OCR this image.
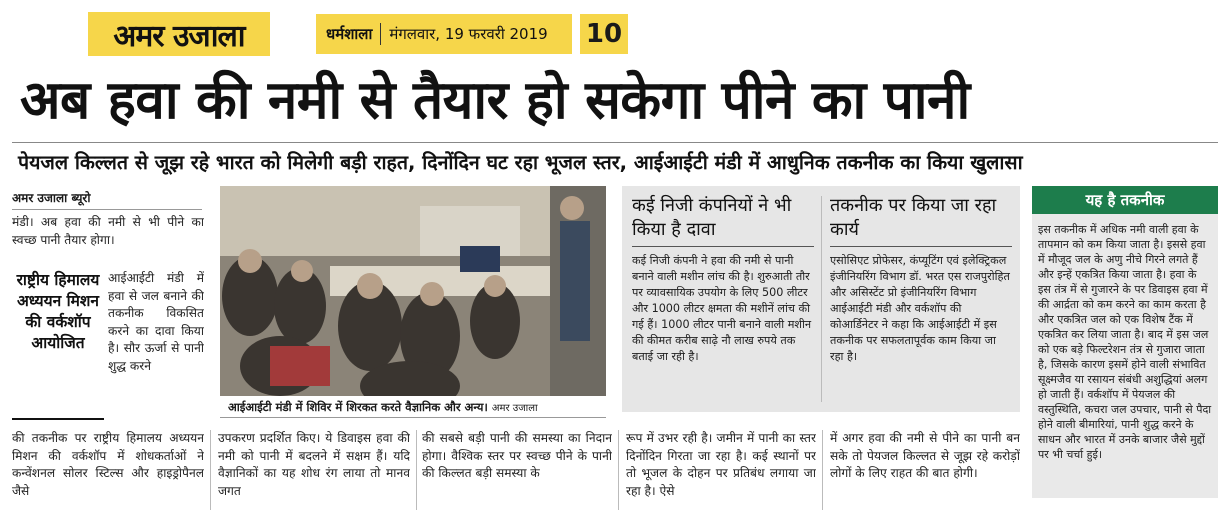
अमर उजाला	धर्मशाला मंगलवार, 19 फरवरी 2019 10
अब हवा की नमी से तैयार हो सकेगा पीने का पानी
पेयजल किल्लत से जूझ रहे भारत को मिलेगी बड़ी राहत, दिनोंदिन घट रहा भूजल स्तर, आईआईटी मंडी में आधुनिक तकनीक का किया खुलासा
अमर उजाला ब्यूरो
मंडी। अब हवा की नमी से भी पीने का स्वच्छ पानी तैयार होगा।
राष्ट्रीय हिमालय अध्ययन मिशन की वर्कशॉप आयोजित
आईआईटी मंडी में हवा से जल बनाने की तकनीक विकसित करने का दावा किया है। सौर ऊर्जा से पानी शुद्ध करने
आईआईटी मंडी में शिविर में शिरकत करते वैज्ञानिक और अन्य। अमर उजाला
कई निजी कंपनियों ने भी किया है दावा
कई निजी कंपनी ने हवा की नमी से पानी बनाने वाली मशीन लांच की है। शुरुआती तौर पर व्यावसायिक उपयोग के लिए 500 लीटर और 1000 लीटर क्षमता की मशीनें लांच की गई हैं। 1000 लीटर पानी बनाने वाली मशीन की कीमत करीब साढ़े नौ लाख रुपये तक बताई जा रही है।
तकनीक पर किया जा रहा कार्य
एसोसिएट प्रोफेसर, कंप्यूटिंग एवं इलेक्ट्रिकल इंजीनियरिंग विभाग डॉ. भरत एस राजपुरोहित और असिस्टेंट प्रो इंजीनियरिंग विभाग आईआईटी मंडी और वर्कशॉप की कोआर्डिनेटर ने कहा कि आईआईटी में इस तकनीक पर सफलतापूर्वक काम किया जा रहा है।
की तकनीक पर राष्ट्रीय हिमालय अध्ययन मिशन की वर्कशॉप में शोधकर्ताओं ने कन्वेंशनल सोलर स्टिल्स और हाइड्रोपैनल जैसे
उपकरण प्रदर्शित किए। ये डिवाइस हवा की नमी को पानी में बदलने में सक्षम हैं। यदि वैज्ञानिकों का यह शोध रंग लाया तो मानव जगत
की सबसे बड़ी पानी की समस्या का निदान होगा। वैश्विक स्तर पर स्वच्छ पीने के पानी की किल्लत बड़ी समस्या के
रूप में उभर रही है। जमीन में पानी का स्तर दिनोंदिन गिरता जा रहा है। कई स्थानों पर तो भूजल के दोहन पर प्रतिबंध लगाया जा रहा है। ऐसे
में अगर हवा की नमी से पीने का पानी बन सके तो पेयजल किल्लत से जूझ रहे करोड़ों लोगों के लिए राहत की बात होगी।
यह है तकनीक
इस तकनीक में अधिक नमी वाली हवा के तापमान को कम किया जाता है। इससे हवा में मौजूद जल के अणु नीचे गिरने लगते हैं और इन्हें एकत्रित किया जाता है। हवा के इस तंत्र में से गुजारने के पर डिवाइस हवा में की आर्द्रता को कम करने का काम करता है और एकत्रित जल को एक विशेष टैंक में एकत्रित कर लिया जाता है। बाद में इस जल को एक बड़े फिल्टरेशन तंत्र से गुजारा जाता है, जिसके कारण इसमें होने वाली संभावित सूक्ष्मजैव या रसायन संबंधी अशुद्धियां अलग हो जाती हैं। वर्कशॉप में पेयजल की वस्तुस्थिति, कचरा जल उपचार, पानी से पैदा होने वाली बीमारियां, पानी शुद्ध करने के साधन और भारत में उनके बाजार जैसे मुद्दों पर भी चर्चा हुई।
